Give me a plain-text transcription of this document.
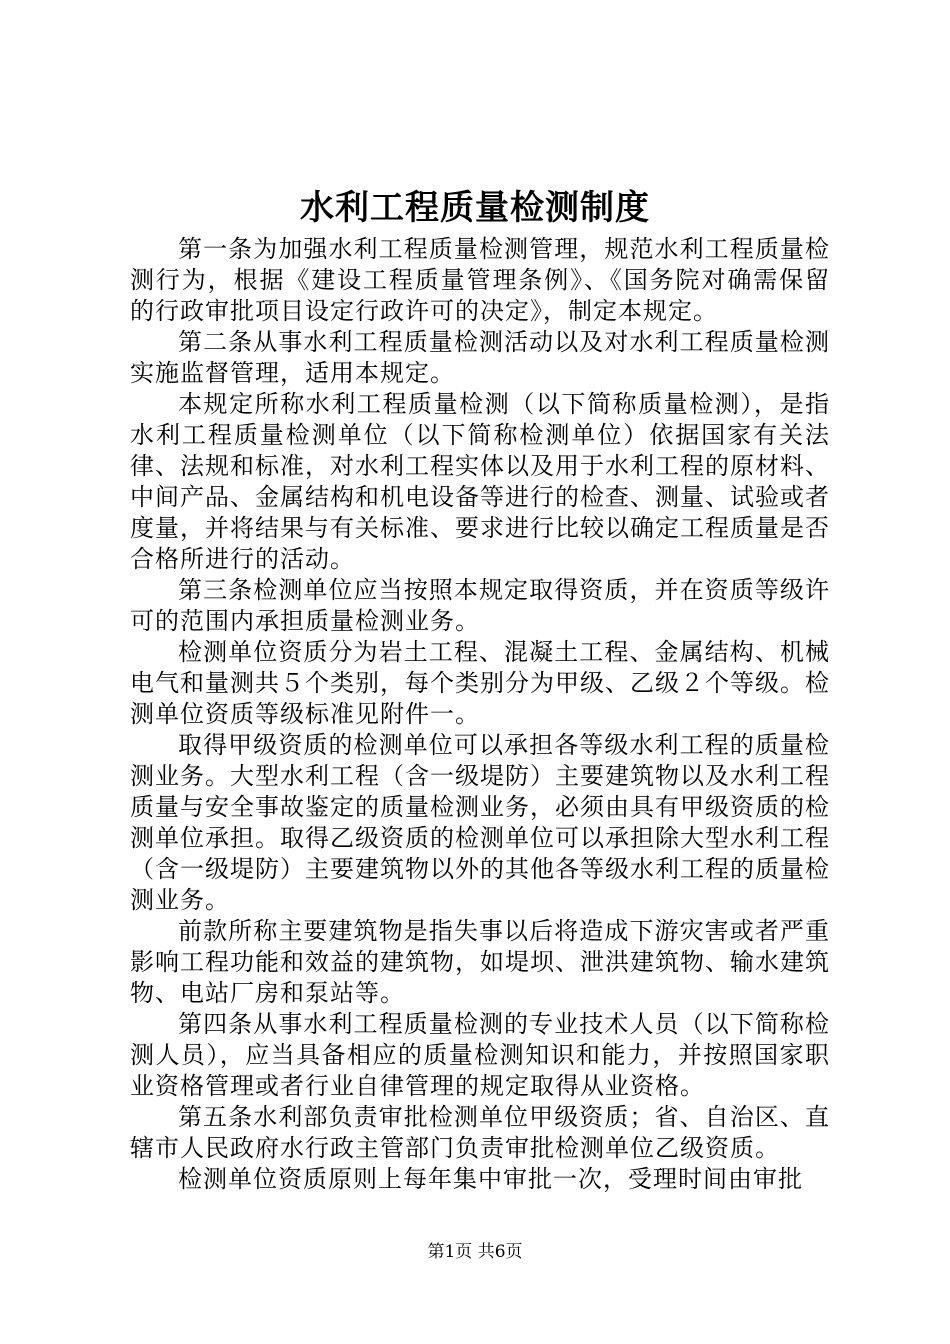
水利工程质量检测制度

第一条为加强水利工程质量检测管理，规范水利工程质量检测行为，根据《建设工程质量管理条例》、《国务院对确需保留的行政审批项目设定行政许可的决定》，制定本规定。

第二条从事水利工程质量检测活动以及对水利工程质量检测实施监督管理，适用本规定。

本规定所称水利工程质量检测（以下简称质量检测），是指水利工程质量检测单位（以下简称检测单位）依据国家有关法律、法规和标准，对水利工程实体以及用于水利工程的原材料、中间产品、金属结构和机电设备等进行的检查、测量、试验或者度量，并将结果与有关标准、要求进行比较以确定工程质量是否合格所进行的活动。

第三条检测单位应当按照本规定取得资质，并在资质等级许可的范围内承担质量检测业务。

检测单位资质分为岩土工程、混凝土工程、金属结构、机械电气和量测共５个类别，每个类别分为甲级、乙级２个等级。检测单位资质等级标准见附件一。

取得甲级资质的检测单位可以承担各等级水利工程的质量检测业务。大型水利工程（含一级堤防）主要建筑物以及水利工程质量与安全事故鉴定的质量检测业务，必须由具有甲级资质的检测单位承担。取得乙级资质的检测单位可以承担除大型水利工程（含一级堤防）主要建筑物以外的其他各等级水利工程的质量检测业务。

前款所称主要建筑物是指失事以后将造成下游灾害或者严重影响工程功能和效益的建筑物，如堤坝、泄洪建筑物、输水建筑物、电站厂房和泵站等。

第四条从事水利工程质量检测的专业技术人员（以下简称检测人员），应当具备相应的质量检测知识和能力，并按照国家职业资格管理或者行业自律管理的规定取得从业资格。

第五条水利部负责审批检测单位甲级资质；省、自治区、直辖市人民政府水行政主管部门负责审批检测单位乙级资质。

检测单位资质原则上每年集中审批一次，受理时间由审批

第1页 共6页
